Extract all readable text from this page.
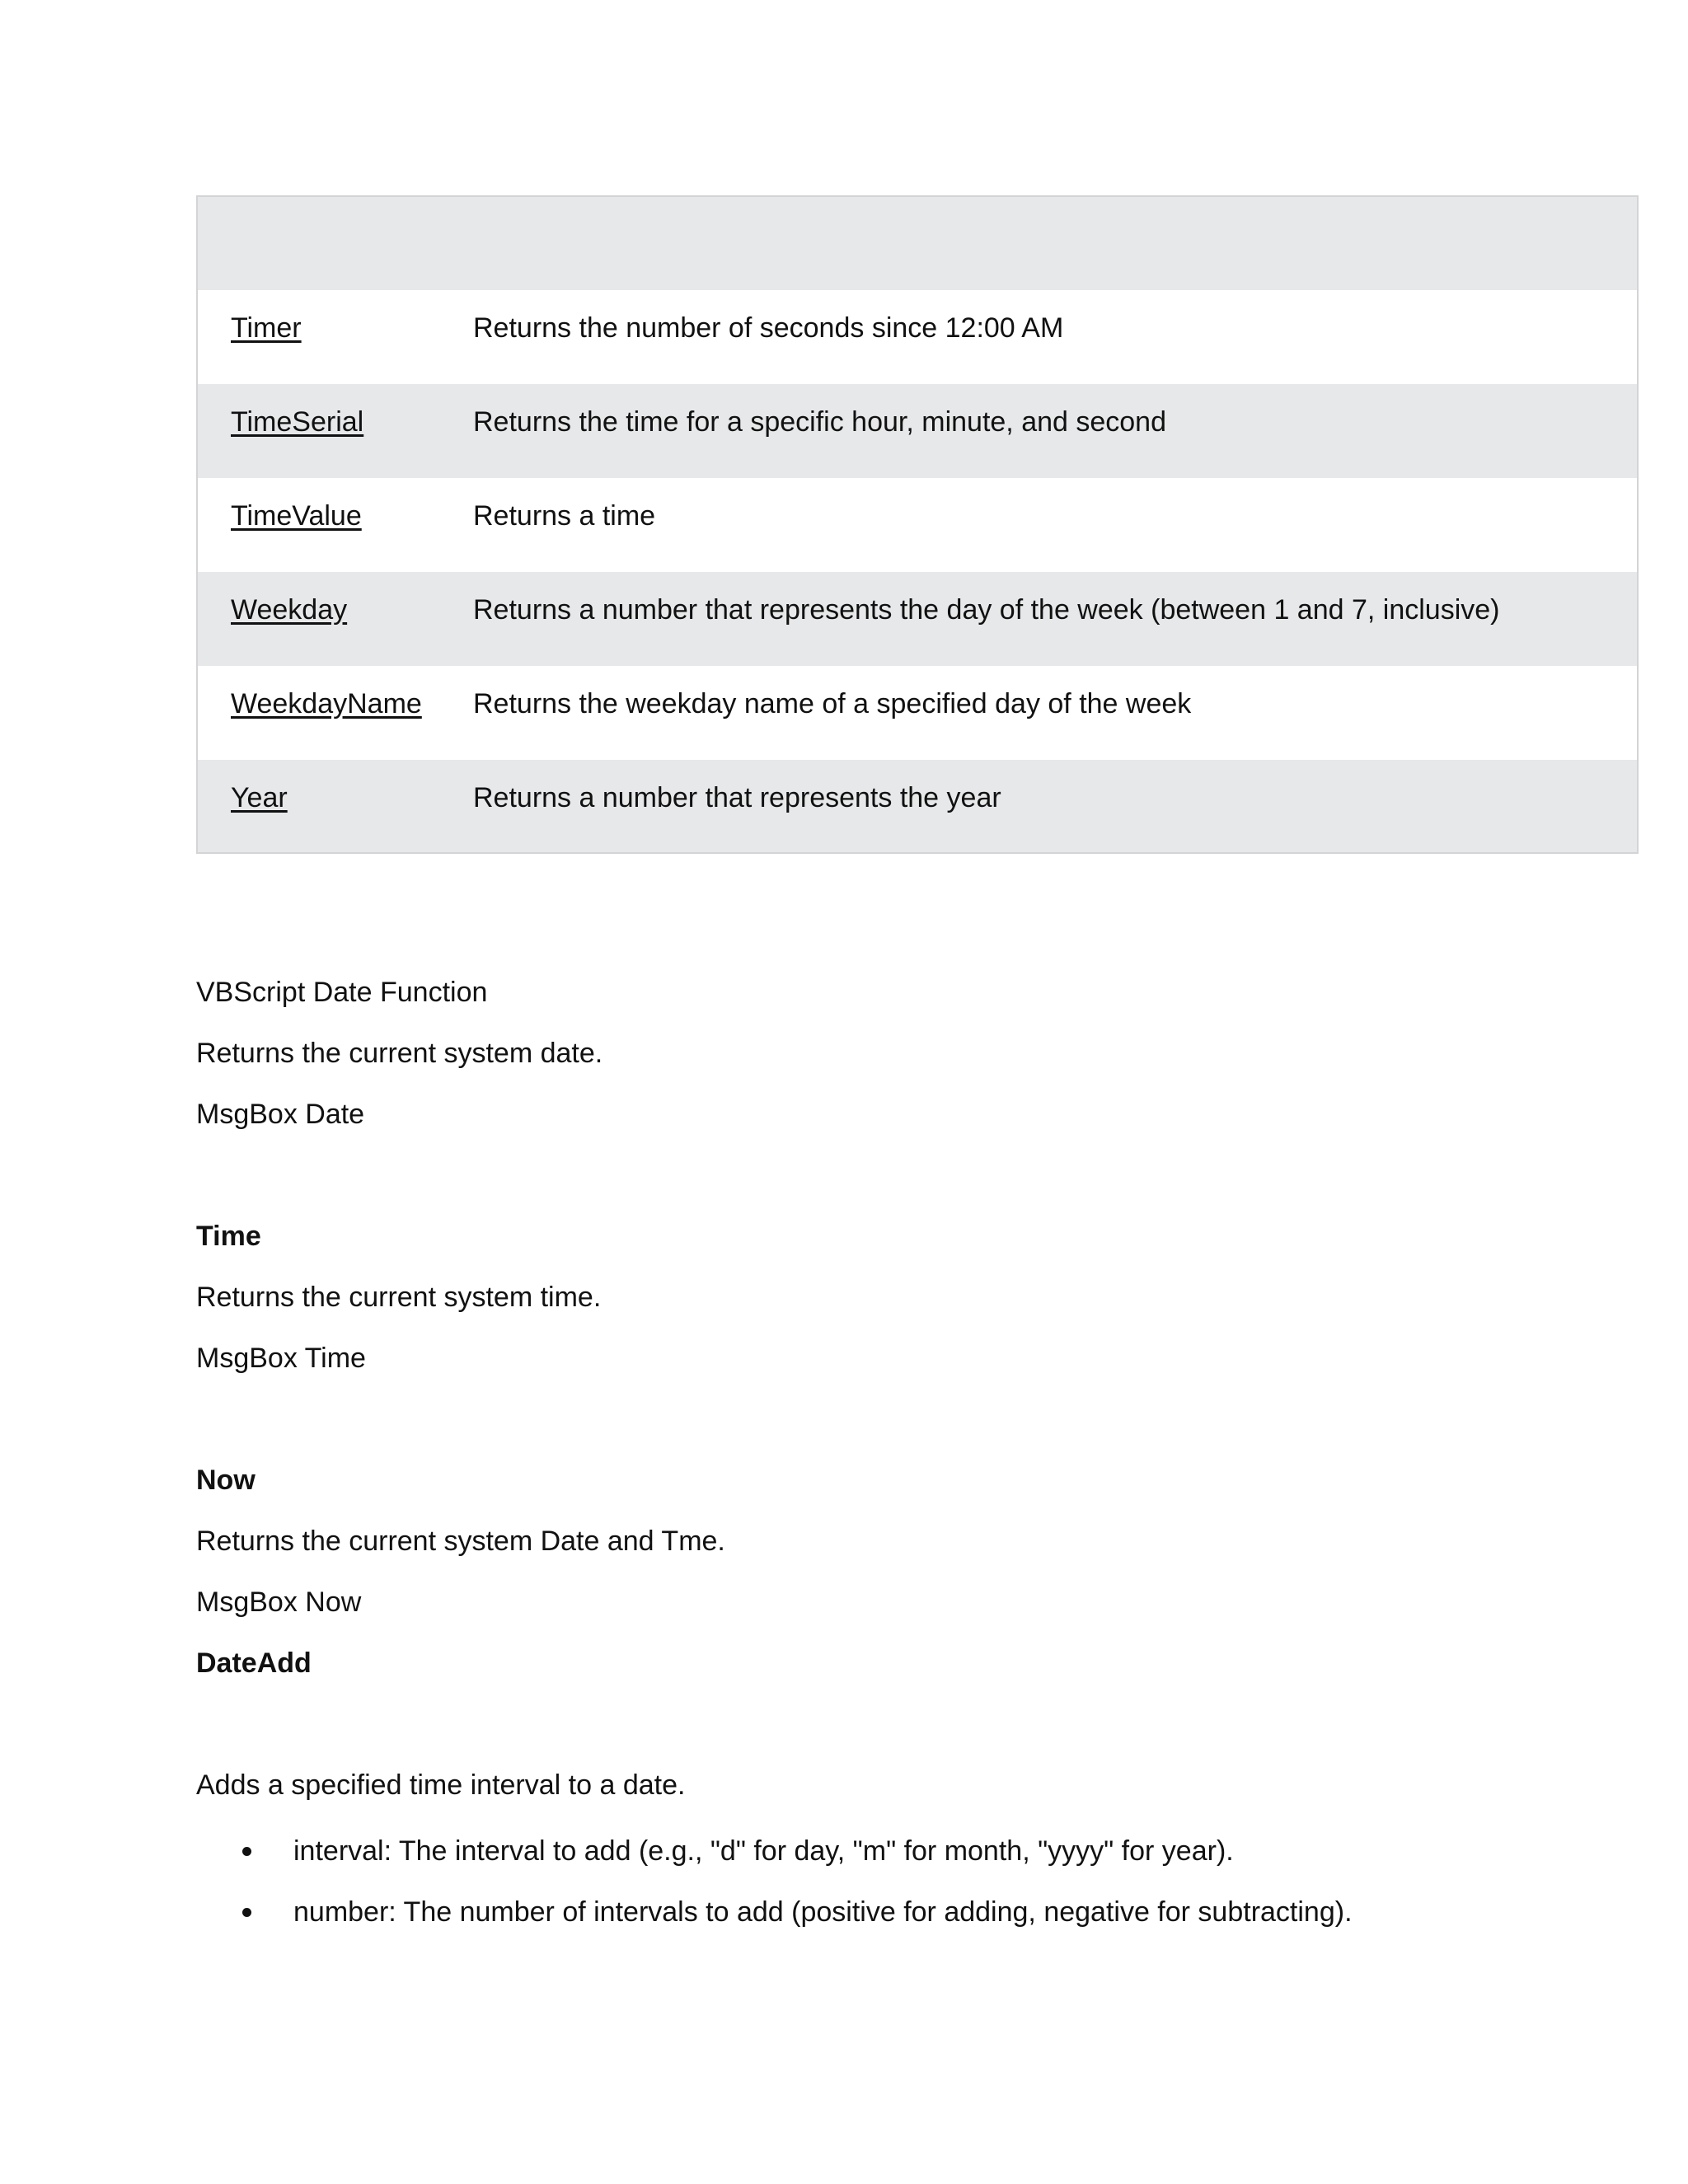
Timer	Returns the number of seconds since 12:00 AM
TimeSerial	Returns the time for a specific hour, minute, and second
TimeValue	Returns a time
Weekday	Returns a number that represents the day of the week (between 1 and 7, inclusive)
WeekdayName Returns the weekday name of a specified day of the week
Year	Returns a number that represents the year
VBScript Date Function
Returns the current system date.
MsgBox Date
Time
Returns the current system time.
MsgBox Time
Now
Returns the current system Date and Tme.
MsgBox Now
DateAdd
Adds a specified time interval to a date.
interval: The interval to add (e.g., "d" for day, "m" for month, "yyyy" for year).
number: The number of intervals to add (positive for adding, negative for subtracting).
